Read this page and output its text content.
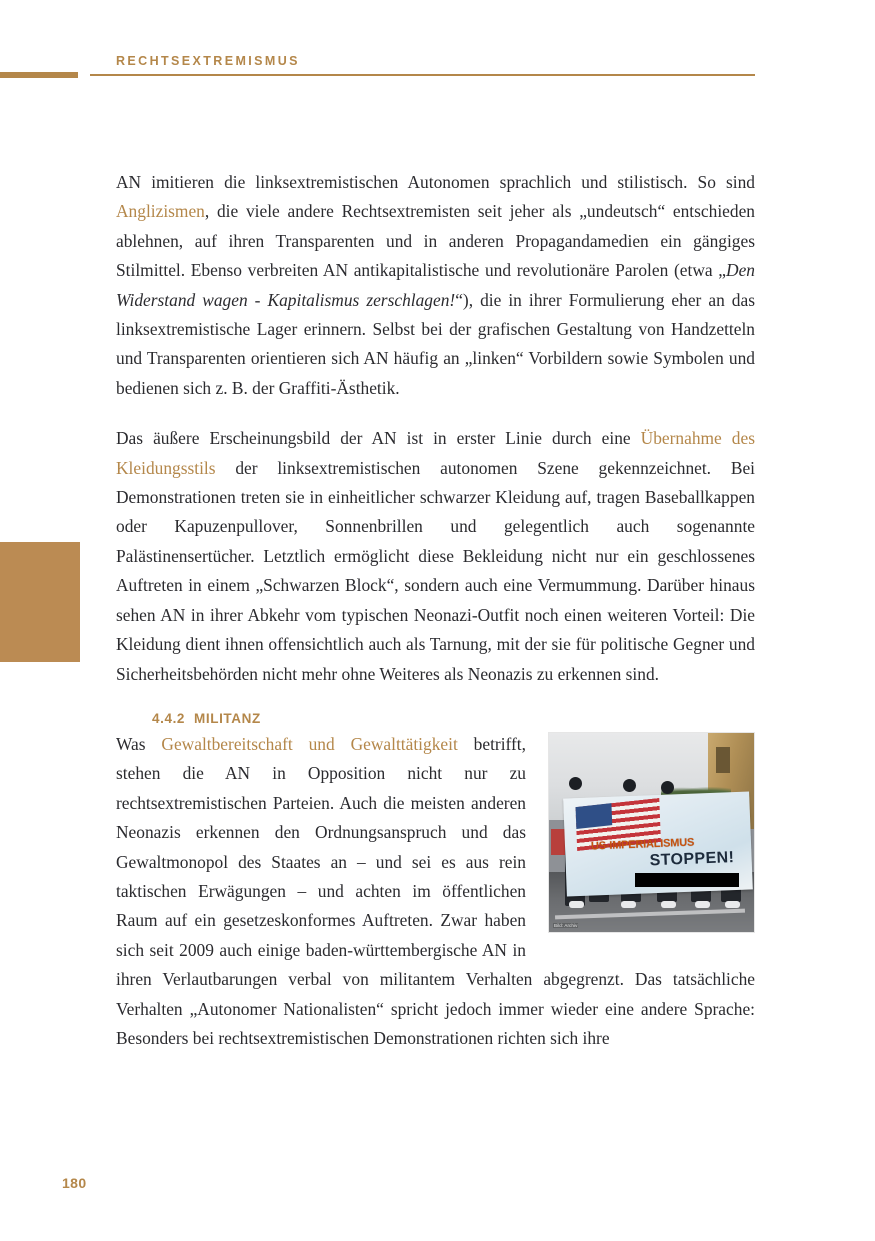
RECHTSEXTREMISMUS

AN imitieren die linksextremistischen Autonomen sprachlich und stilistisch. So sind Anglizismen, die viele andere Rechtsextremisten seit jeher als „undeutsch“ entschieden ablehnen, auf ihren Transparenten und in anderen Propagandamedien ein gängiges Stilmittel. Ebenso verbreiten AN antikapitalistische und revolutionäre Parolen (etwa „Den Widerstand wagen - Kapitalismus zerschlagen!“), die in ihrer Formulierung eher an das linksextremistische Lager erinnern. Selbst bei der grafischen Gestaltung von Handzetteln und Transparenten orientieren sich AN häufig an „linken“ Vorbildern sowie Symbolen und bedienen sich z. B. der Graffiti-Ästhetik.

Das äußere Erscheinungsbild der AN ist in erster Linie durch eine Übernahme des Kleidungsstils der linksextremistischen autonomen Szene gekennzeichnet. Bei Demonstrationen treten sie in einheitlicher schwarzer Kleidung auf, tragen Baseballkappen oder Kapuzenpullover, Sonnenbrillen und gelegentlich auch sogenannte Palästinensertücher. Letztlich ermöglicht diese Bekleidung nicht nur ein geschlossenes Auftreten in einem „Schwarzen Block“, sondern auch eine Vermummung. Darüber hinaus sehen AN in ihrer Abkehr vom typischen Neonazi-Outfit noch einen weiteren Vorteil: Die Kleidung dient ihnen offensichtlich auch als Tarnung, mit der sie für politische Gegner und Sicherheitsbehörden nicht mehr ohne Weiteres als Neonazis zu erkennen sind.

4.4.2 MILITANZ
US-IMPERIALISMUS
STOPPEN!
Bild: Archiv

Was Gewaltbereitschaft und Gewalttätigkeit betrifft, stehen die AN in Opposition nicht nur zu rechtsextremistischen Parteien. Auch die meisten anderen Neonazis erkennen den Ordnungsanspruch und das Gewaltmonopol des Staates an – und sei es aus rein taktischen Erwägungen – und achten im öffentlichen Raum auf ein gesetzeskonformes Auftreten. Zwar haben sich seit 2009 auch einige baden-württembergische AN in ihren Verlautbarungen verbal von militantem Verhalten abgegrenzt. Das tatsächliche Verhalten „Autonomer Nationalisten“ spricht jedoch immer wieder eine andere Sprache: Besonders bei rechtsextremistischen Demonstrationen richten sich ihre

180
